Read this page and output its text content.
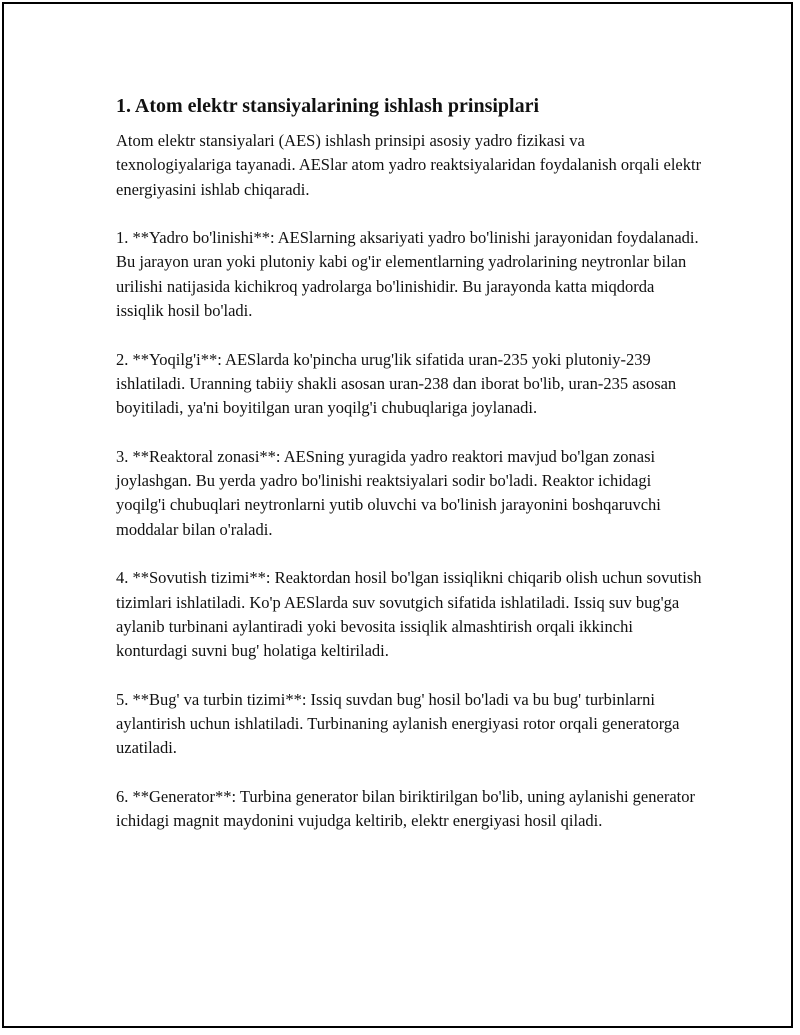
1. Atom elektr stansiyalarining ishlash prinsiplari

Atom elektr stansiyalari (AES) ishlash prinsipi asosiy yadro fizikasi va texnologiyalariga tayanadi. AESlar atom yadro reaktsiyalaridan foydalanish orqali elektr energiyasini ishlab chiqaradi.

1. **Yadro bo'linishi**: AESlarning aksariyati yadro bo'linishi jarayonidan foydalanadi. Bu jarayon uran yoki plutoniy kabi og'ir elementlarning yadrolarining neytronlar bilan urilishi natijasida kichikroq yadrolarga bo'linishidir. Bu jarayonda katta miqdorda issiqlik hosil bo'ladi.

2. **Yoqilg'i**: AESlarda ko'pincha urug'lik sifatida uran-235 yoki plutoniy-239 ishlatiladi. Uranning tabiiy shakli asosan uran-238 dan iborat bo'lib, uran-235 asosan boyitiladi, ya'ni boyitilgan uran yoqilg'i chubuqlariga joylanadi.

3. **Reaktoral zonasi**: AESning yuragida yadro reaktori mavjud bo'lgan zonasi joylashgan. Bu yerda yadro bo'linishi reaktsiyalari sodir bo'ladi. Reaktor ichidagi yoqilg'i chubuqlari neytronlarni yutib oluvchi va bo'linish jarayonini boshqaruvchi moddalar bilan o'raladi.

4. **Sovutish tizimi**: Reaktordan hosil bo'lgan issiqlikni chiqarib olish uchun sovutish tizimlari ishlatiladi. Ko'p AESlarda suv sovutgich sifatida ishlatiladi. Issiq suv bug'ga aylanib turbinani aylantiradi yoki bevosita issiqlik almashtirish orqali ikkinchi konturdagi suvni bug' holatiga keltiriladi.

5. **Bug' va turbin tizimi**: Issiq suvdan bug' hosil bo'ladi va bu bug' turbinlarni aylantirish uchun ishlatiladi. Turbinaning aylanish energiyasi rotor orqali generatorga uzatiladi.

6. **Generator**: Turbina generator bilan biriktirilgan bo'lib, uning aylanishi generator ichidagi magnit maydonini vujudga keltirib, elektr energiyasi hosil qiladi.
